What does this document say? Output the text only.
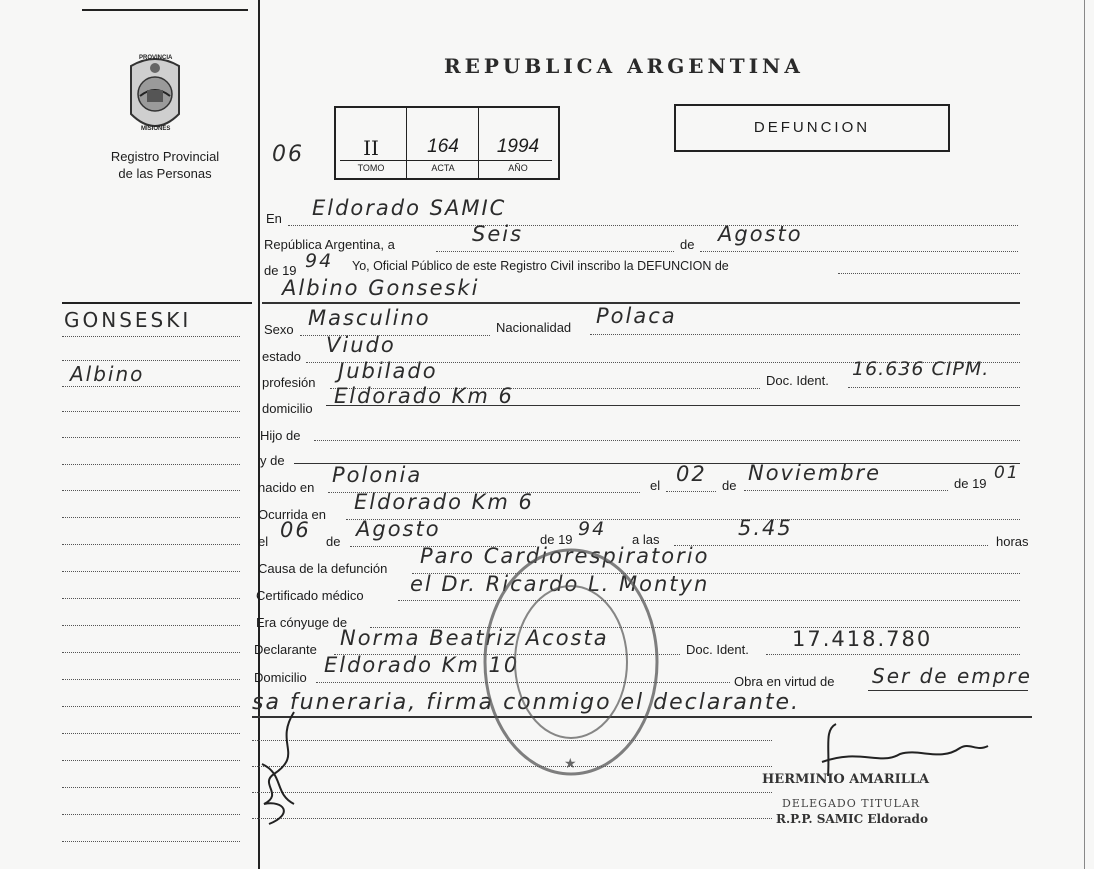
PROVINCIA
MISIONES
Registro Provincial
de las Personas
REPUBLICA ARGENTINA
DEFUNCION
II	164	1994
TOMO	ACTA	AÑO
06
GONSESKI
Albino
En Eldorado SAMIC
República Argentina, a	Seis	de Agosto
de 19 94 Yo, Oficial Público de este Registro Civil inscribo la DEFUNCION de
Albino Gonseski
Sexo Masculino	Nacionalidad Polaca
estado Viudo
profesión Jubilado	Doc. Ident.
16.636 CIPM.
domicilio
Eldorado Km 6
Hijo de
y de
nacido en
Polonia	el 02 de
Noviembre	de 19
01
Ocurrida en
Eldorado Km 6
el 06 de
Agosto	de 19 94 a las	5.45
horas
Causa de la defunción
Paro Cardiorespiratorio
Certificado médico el Dr. Ricardo L. Montyn
Era cónyuge de
Declarante Norma Beatriz Acosta	Doc. Ident. 17.418.780
Domicilio
Eldorado Km 10
Obra en virtud de Ser de empre
sa funeraria, firma conmigo el declarante.
★
HERMINIO AMARILLA
DELEGADO TITULAR
R.P.P. SAMIC Eldorado
